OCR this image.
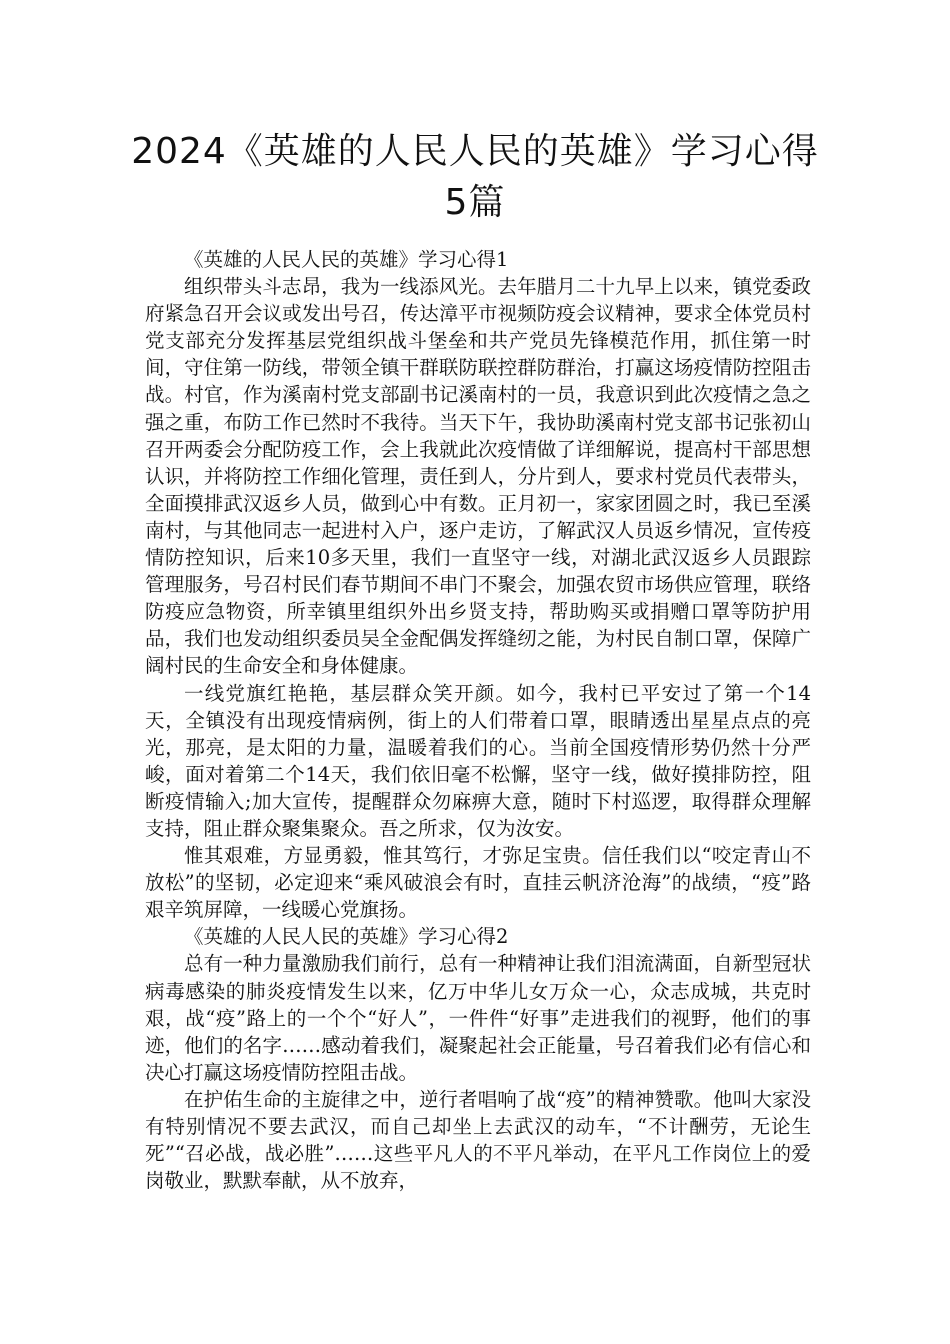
2024《英雄的人民人民的英雄》学习心得5篇

《英雄的人民人民的英雄》学习心得1

组织带头斗志昂，我为一线添风光。去年腊月二十九早上以来，镇党委政府紧急召开会议或发出号召，传达漳平市视频防疫会议精神，要求全体党员村党支部充分发挥基层党组织战斗堡垒和共产党员先锋模范作用，抓住第一时间，守住第一防线，带领全镇干群联防联控群防群治，打赢这场疫情防控阻击战。村官，作为溪南村党支部副书记溪南村的一员，我意识到此次疫情之急之强之重，布防工作已然时不我待。当天下午，我协助溪南村党支部书记张初山召开两委会分配防疫工作，会上我就此次疫情做了详细解说，提高村干部思想认识，并将防控工作细化管理，责任到人，分片到人，要求村党员代表带头，全面摸排武汉返乡人员，做到心中有数。正月初一，家家团圆之时，我已至溪南村，与其他同志一起进村入户，逐户走访，了解武汉人员返乡情况，宣传疫情防控知识，后来10多天里，我们一直坚守一线，对湖北武汉返乡人员跟踪管理服务，号召村民们春节期间不串门不聚会，加强农贸市场供应管理，联络防疫应急物资，所幸镇里组织外出乡贤支持，帮助购买或捐赠口罩等防护用品，我们也发动组织委员吴全金配偶发挥缝纫之能，为村民自制口罩，保障广阔村民的生命安全和身体健康。

一线党旗红艳艳，基层群众笑开颜。如今，我村已平安过了第一个14天，全镇没有出现疫情病例，街上的人们带着口罩，眼睛透出星星点点的亮光，那亮，是太阳的力量，温暖着我们的心。当前全国疫情形势仍然十分严峻，面对着第二个14天，我们依旧毫不松懈，坚守一线，做好摸排防控，阻断疫情输入;加大宣传，提醒群众勿麻痹大意，随时下村巡逻，取得群众理解支持，阻止群众聚集聚众。吾之所求，仅为汝安。

惟其艰难，方显勇毅，惟其笃行，才弥足宝贵。信任我们以“咬定青山不放松”的坚韧，必定迎来“乘风破浪会有时，直挂云帆济沧海”的战绩，“疫”路艰辛筑屏障，一线暖心党旗扬。

《英雄的人民人民的英雄》学习心得2

总有一种力量激励我们前行，总有一种精神让我们泪流满面，自新型冠状病毒感染的肺炎疫情发生以来，亿万中华儿女万众一心，众志成城，共克时艰，战“疫”路上的一个个“好人”，一件件“好事”走进我们的视野，他们的事迹，他们的名字……感动着我们，凝聚起社会正能量，号召着我们必有信心和决心打赢这场疫情防控阻击战。

在护佑生命的主旋律之中，逆行者唱响了战“疫”的精神赞歌。他叫大家没有特别情况不要去武汉，而自己却坐上去武汉的动车，“不计酬劳，无论生死”“召必战，战必胜”……这些平凡人的不平凡举动，在平凡工作岗位上的爱岗敬业，默默奉献，从不放弃，
